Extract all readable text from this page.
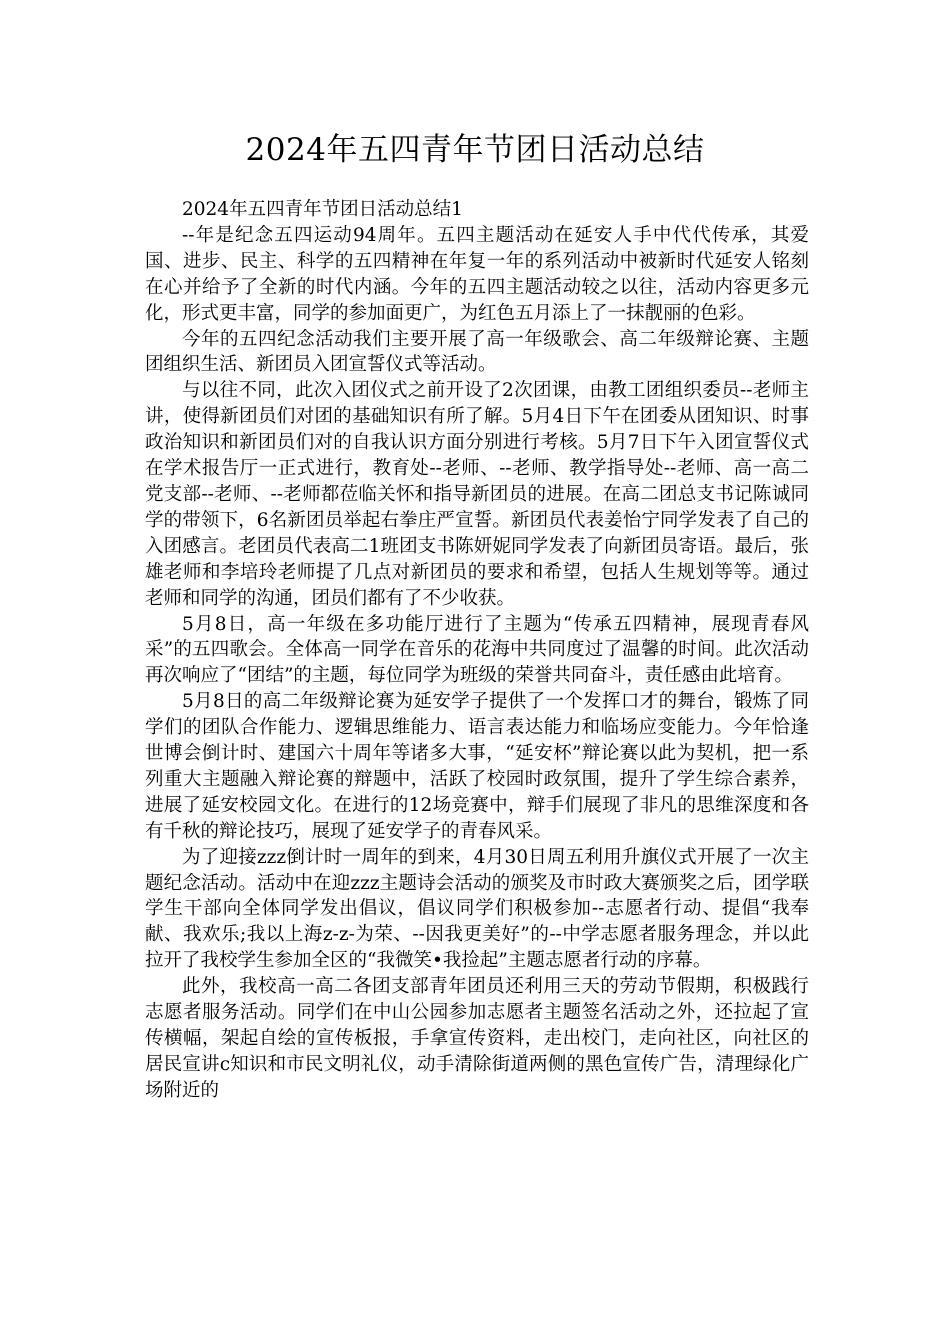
2024年五四青年节团日活动总结

2024年五四青年节团日活动总结1

--年是纪念五四运动94周年。五四主题活动在延安人手中代代传承，其爱国、进步、民主、科学的五四精神在年复一年的系列活动中被新时代延安人铭刻在心并给予了全新的时代内涵。今年的五四主题活动较之以往，活动内容更多元化，形式更丰富，同学的参加面更广，为红色五月添上了一抹靓丽的色彩。

今年的五四纪念活动我们主要开展了高一年级歌会、高二年级辩论赛、主题团组织生活、新团员入团宣誓仪式等活动。

与以往不同，此次入团仪式之前开设了2次团课，由教工团组织委员--老师主讲，使得新团员们对团的基础知识有所了解。5月4日下午在团委从团知识、时事政治知识和新团员们对的自我认识方面分别进行考核。5月7日下午入团宣誓仪式在学术报告厅一正式进行，教育处--老师、--老师、教学指导处--老师、高一高二党支部--老师、--老师都莅临关怀和指导新团员的进展。在高二团总支书记陈诚同学的带领下，6名新团员举起右拳庄严宣誓。新团员代表姜怡宁同学发表了自己的入团感言。老团员代表高二1班团支书陈妍妮同学发表了向新团员寄语。最后，张雄老师和李培玲老师提了几点对新团员的要求和希望，包括人生规划等等。通过老师和同学的沟通，团员们都有了不少收获。

5月8日，高一年级在多功能厅进行了主题为“传承五四精神，展现青春风采”的五四歌会。全体高一同学在音乐的花海中共同度过了温馨的时间。此次活动再次响应了“团结”的主题，每位同学为班级的荣誉共同奋斗，责任感由此培育。

5月8日的高二年级辩论赛为延安学子提供了一个发挥口才的舞台，锻炼了同学们的团队合作能力、逻辑思维能力、语言表达能力和临场应变能力。今年恰逢世博会倒计时、建国六十周年等诸多大事，“延安杯”辩论赛以此为契机，把一系列重大主题融入辩论赛的辩题中，活跃了校园时政氛围，提升了学生综合素养，进展了延安校园文化。在进行的12场竞赛中，辩手们展现了非凡的思维深度和各有千秋的辩论技巧，展现了延安学子的青春风采。

为了迎接zzz倒计时一周年的到来，4月30日周五利用升旗仪式开展了一次主题纪念活动。活动中在迎zzz主题诗会活动的颁奖及市时政大赛颁奖之后，团学联学生干部向全体同学发出倡议，倡议同学们积极参加--志愿者行动、提倡“我奉献、我欢乐;我以上海z-z-为荣、--因我更美好”的--中学志愿者服务理念，并以此拉开了我校学生参加全区的“我微笑•我捡起”主题志愿者行动的序幕。

此外，我校高一高二各团支部青年团员还利用三天的劳动节假期，积极践行志愿者服务活动。同学们在中山公园参加志愿者主题签名活动之外，还拉起了宣传横幅，架起自绘的宣传板报，手拿宣传资料，走出校门，走向社区，向社区的居民宣讲c知识和市民文明礼仪，动手清除街道两侧的黑色宣传广告，清理绿化广场附近的
